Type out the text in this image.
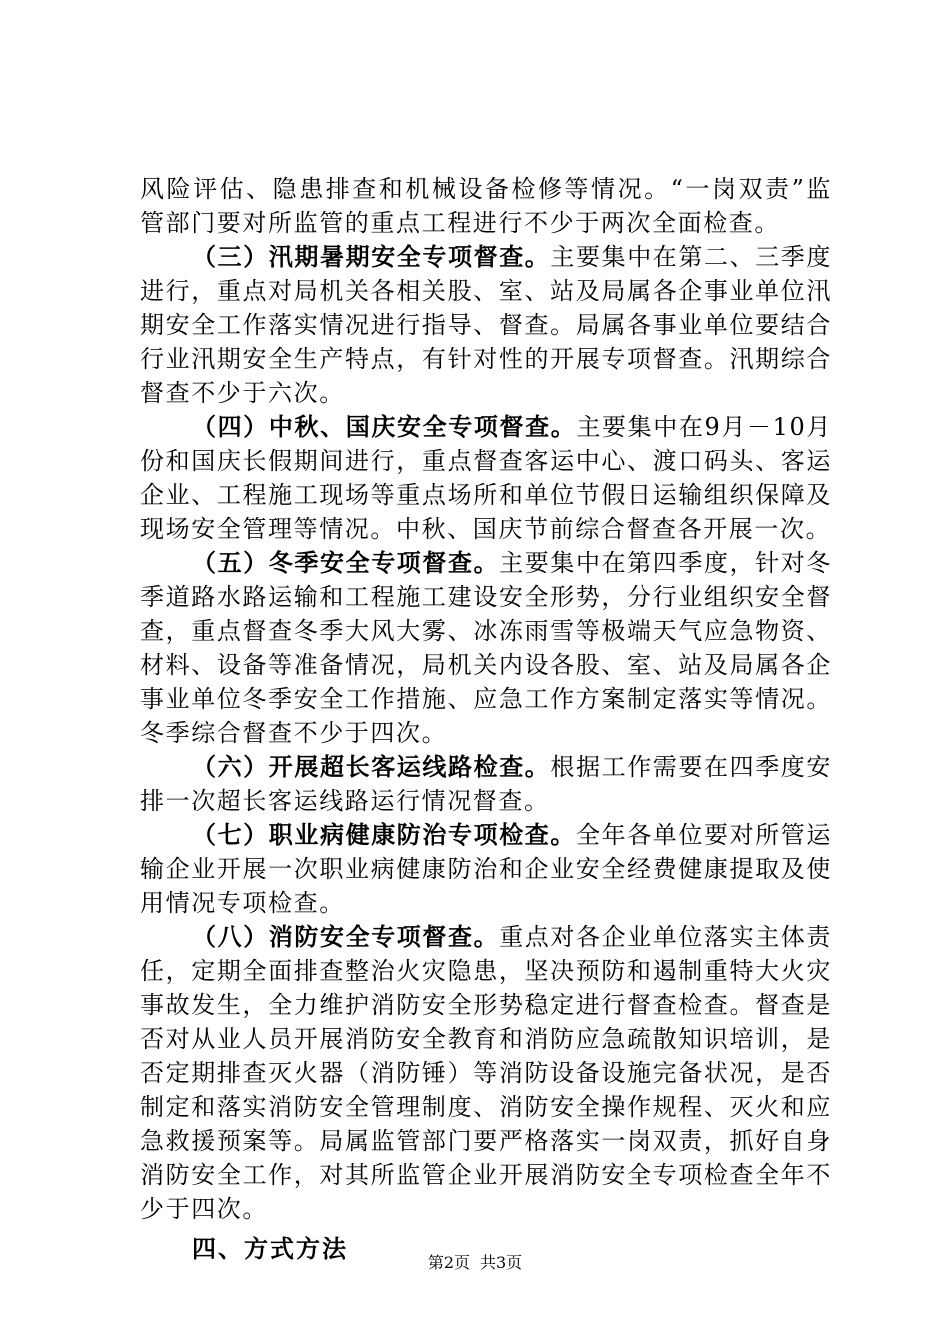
风险评估、隐患排查和机械设备检修等情况。“一岗双责”监管部门要对所监管的重点工程进行不少于两次全面检查。

（三）汛期暑期安全专项督查。主要集中在第二、三季度进行，重点对局机关各相关股、室、站及局属各企事业单位汛期安全工作落实情况进行指导、督查。局属各事业单位要结合行业汛期安全生产特点，有针对性的开展专项督查。汛期综合督查不少于六次。

（四）中秋、国庆安全专项督查。主要集中在9月－10月份和国庆长假期间进行，重点督查客运中心、渡口码头、客运企业、工程施工现场等重点场所和单位节假日运输组织保障及现场安全管理等情况。中秋、国庆节前综合督查各开展一次。

（五）冬季安全专项督查。主要集中在第四季度，针对冬季道路水路运输和工程施工建设安全形势，分行业组织安全督查，重点督查冬季大风大雾、冰冻雨雪等极端天气应急物资、材料、设备等准备情况，局机关内设各股、室、站及局属各企事业单位冬季安全工作措施、应急工作方案制定落实等情况。冬季综合督查不少于四次。

（六）开展超长客运线路检查。根据工作需要在四季度安排一次超长客运线路运行情况督查。

（七）职业病健康防治专项检查。全年各单位要对所管运输企业开展一次职业病健康防治和企业安全经费健康提取及使用情况专项检查。

（八）消防安全专项督查。重点对各企业单位落实主体责任，定期全面排查整治火灾隐患，坚决预防和遏制重特大火灾事故发生，全力维护消防安全形势稳定进行督查检查。督查是否对从业人员开展消防安全教育和消防应急疏散知识培训，是否定期排查灭火器（消防锤）等消防设备设施完备状况，是否制定和落实消防安全管理制度、消防安全操作规程、灭火和应急救援预案等。局属监管部门要严格落实一岗双责，抓好自身消防安全工作，对其所监管企业开展消防安全专项检查全年不少于四次。

四、方式方法	第2页 共3页
